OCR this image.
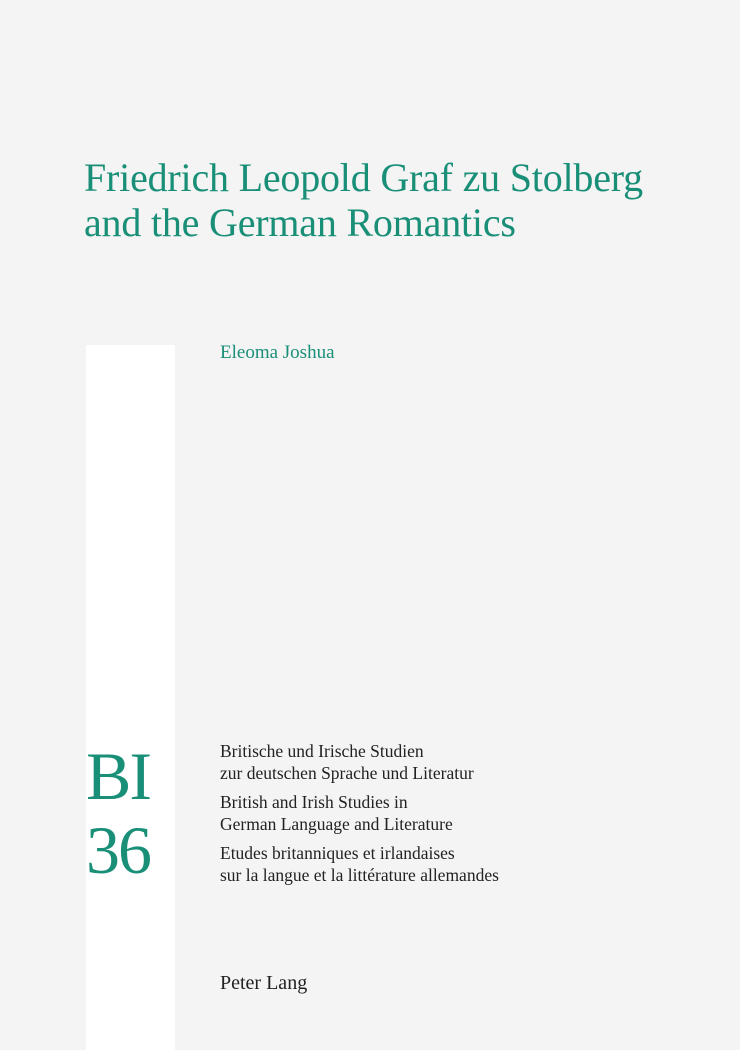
Friedrich Leopold Graf zu Stolberg
and the German Romantics
Eleoma Joshua
BI
36
Britische und Irische Studien
zur deutschen Sprache und Literatur
British and Irish Studies in
German Language and Literature
Etudes britanniques et irlandaises
sur la langue et la littérature allemandes
Peter Lang
